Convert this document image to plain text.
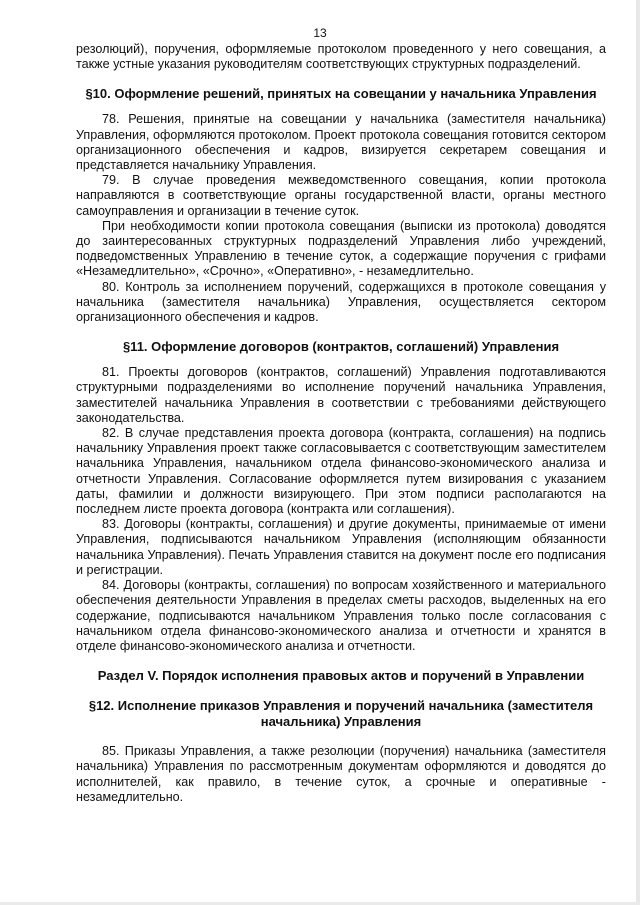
13

резолюций), поручения, оформляемые протоколом проведенного у него совещания, а также устные указания руководителям соответствующих структурных подразделений.

§10. Оформление решений, принятых на совещании у начальника Управления

78. Решения, принятые на совещании у начальника (заместителя начальника) Управления, оформляются протоколом. Проект протокола совещания готовится сектором организационного обеспечения и кадров, визируется секретарем совещания и представляется начальнику Управления.

79. В случае проведения межведомственного совещания, копии протокола направляются в соответствующие органы государственной власти, органы местного самоуправления и организации в течение суток.

При необходимости копии протокола совещания (выписки из протокола) доводятся до заинтересованных структурных подразделений Управления либо учреждений, подведомственных Управлению в течение суток, а содержащие поручения с грифами «Незамедлительно», «Срочно», «Оперативно», - незамедлительно.

80. Контроль за исполнением поручений, содержащихся в протоколе совещания у начальника (заместителя начальника) Управления, осуществляется сектором организационного обеспечения и кадров.

§11. Оформление договоров (контрактов, соглашений) Управления

81. Проекты договоров (контрактов, соглашений) Управления подготавливаются структурными подразделениями во исполнение поручений начальника Управления, заместителей начальника Управления в соответствии с требованиями действующего законодательства.

82. В случае представления проекта договора (контракта, соглашения) на подпись начальнику Управления проект также согласовывается с соответствующим заместителем начальника Управления, начальником отдела финансово-экономического анализа и отчетности Управления. Согласование оформляется путем визирования с указанием даты, фамилии и должности визирующего. При этом подписи располагаются на последнем листе проекта договора (контракта или соглашения).

83. Договоры (контракты, соглашения) и другие документы, принимаемые от имени Управления, подписываются начальником Управления (исполняющим обязанности начальника Управления). Печать Управления ставится на документ после его подписания и регистрации.

84. Договоры (контракты, соглашения) по вопросам хозяйственного и материального обеспечения деятельности Управления в пределах сметы расходов, выделенных на его содержание, подписываются начальником Управления только после согласования с начальником отдела финансово-экономического анализа и отчетности и хранятся в отделе финансово-экономического анализа и отчетности.

Раздел V. Порядок исполнения правовых актов и поручений в Управлении
§12. Исполнение приказов Управления и поручений начальника (заместителя
начальника) Управления

85. Приказы Управления, а также резолюции (поручения) начальника (заместителя начальника) Управления по рассмотренным документам оформляются и доводятся до исполнителей, как правило, в течение суток, а срочные и оперативные - незамедлительно.
